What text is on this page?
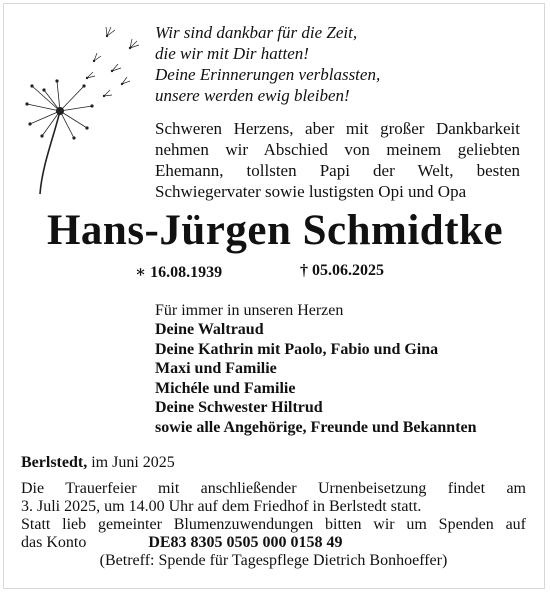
Wir sind dankbar für die Zeit,
die wir mit Dir hatten!
Deine Erinnerungen verblassten,
unsere werden ewig bleiben!
Schweren Herzens, aber mit großer Dankbarkeit
nehmen wir Abschied von meinem geliebten
Ehemann, tollsten Papi der Welt, besten
Schwiegervater sowie lustigsten Opi und Opa
Hans-Jürgen Schmidtke
∗ 16.08.1939	† 05.06.2025
Für immer in unseren Herzen
Deine Waltraud
Deine Kathrin mit Paolo, Fabio und Gina
Maxi und Familie
Michéle und Familie
Deine Schwester Hiltrud
sowie alle Angehörige, Freunde und Bekannten
Berlstedt, im Juni 2025
Die Trauerfeier mit anschließender Urnenbeisetzung findet am
3. Juli 2025, um 14.00 Uhr auf dem Friedhof in Berlstedt statt.
Statt lieb gemeinter Blumenzuwendungen bitten wir um Spenden auf
das Konto	DE83 8305 0505 000 0158 49
(Betreff: Spende für Tagespflege Dietrich Bonhoeffer)
